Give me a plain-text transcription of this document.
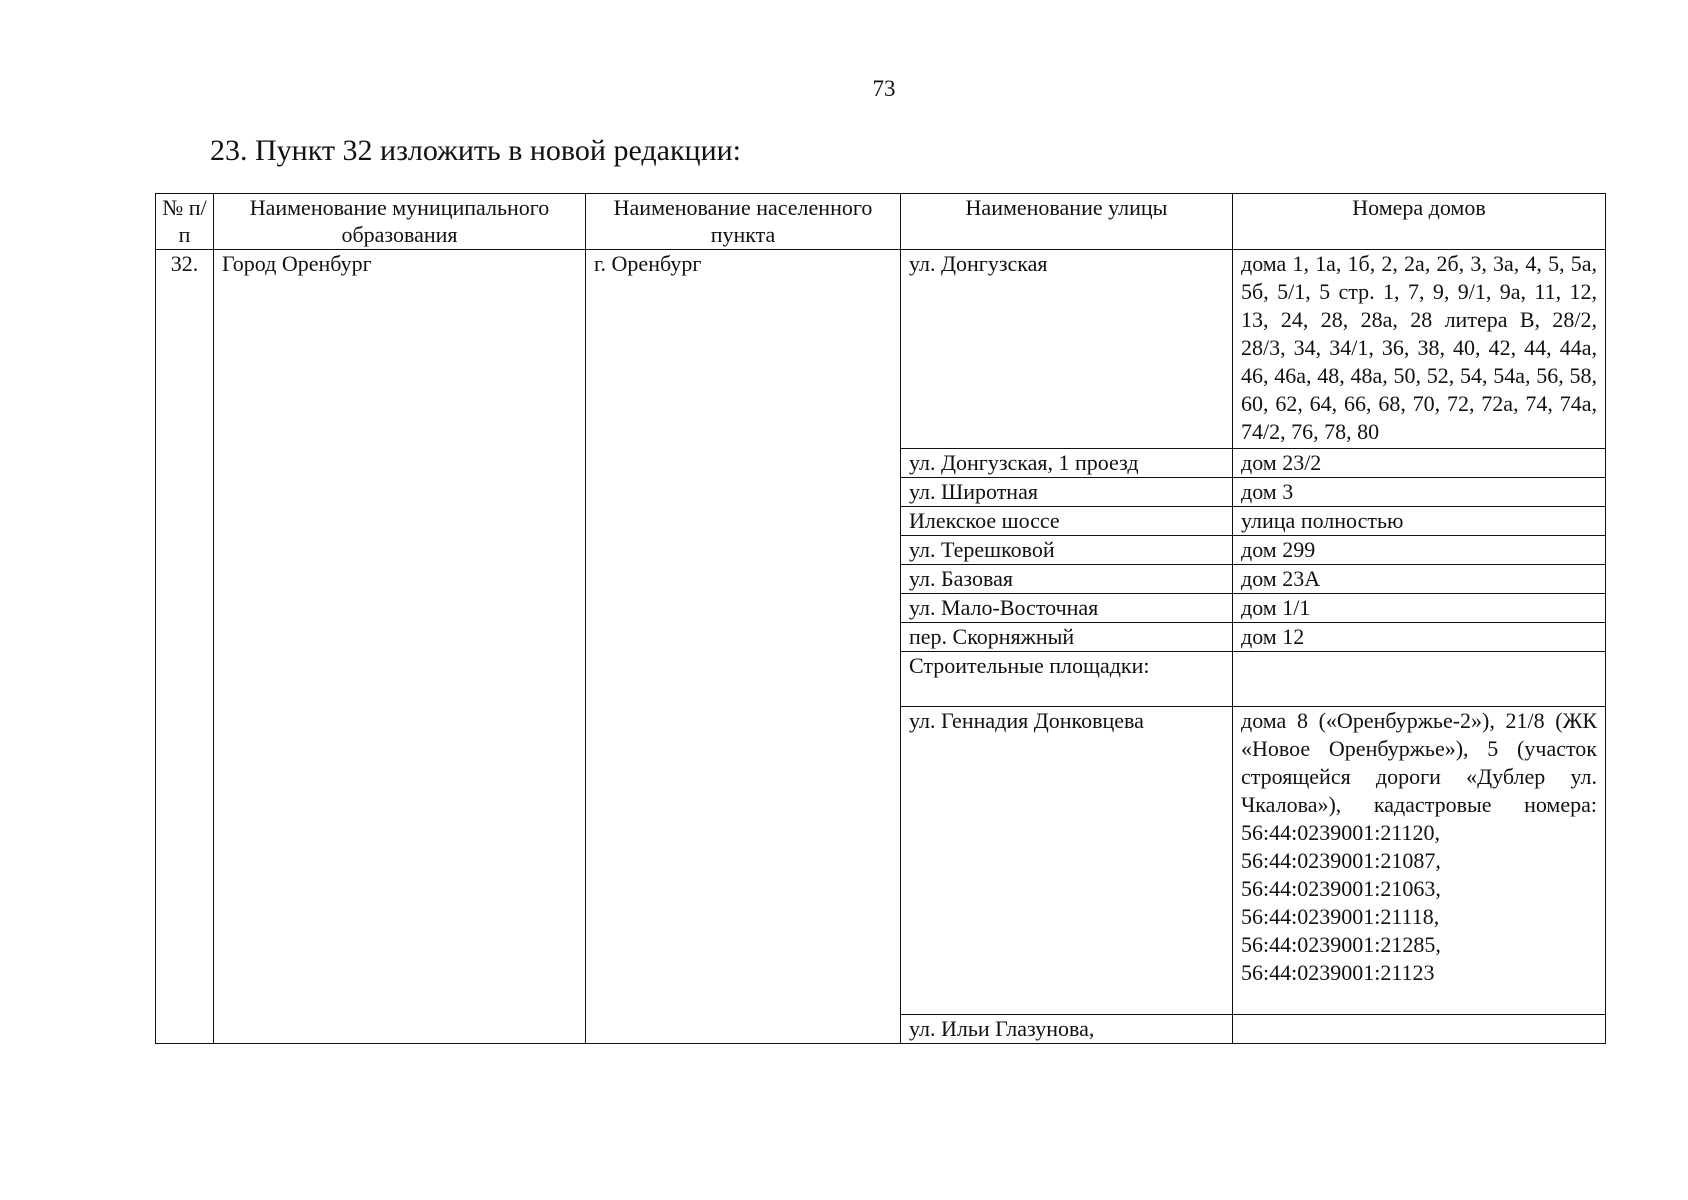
73
23. Пункт 32 изложить в новой редакции:
№ п/п	Наименование муниципального образования	Наименование населенного пункта	Наименование улицы	Номера домов
32.	Город Оренбург	г. Оренбург	ул. Донгузская	дома 1, 1а, 1б, 2, 2а, 2б, 3, 3а, 4, 5, 5а, 5б, 5/1, 5 стр. 1, 7, 9, 9/1, 9а, 11, 12, 13, 24, 28, 28а, 28 литера В, 28/2, 28/3, 34, 34/1, 36, 38, 40, 42, 44, 44а, 46, 46а, 48, 48а, 50, 52, 54, 54а, 56, 58, 60, 62, 64, 66, 68, 70, 72, 72а, 74, 74а, 74/2, 76, 78, 80
			ул. Донгузская, 1 проезд	дом 23/2
			ул. Широтная	дом 3
			Илекское шоссе	улица полностью
			ул. Терешковой	дом 299
			ул. Базовая	дом 23А
			ул. Мало-Восточная	дом 1/1
			пер. Скорняжный	дом 12
			Строительные площадки:	
			ул. Геннадия Донковцева	дома 8 («Оренбуржье-2»), 21/8 (ЖК «Новое Оренбуржье»), 5 (участок строящейся дороги «Дублер ул. Чкалова»), кадастровые номера: 56:44:0239001:21120, 56:44:0239001:21087, 56:44:0239001:21063, 56:44:0239001:21118, 56:44:0239001:21285, 56:44:0239001:21123
			ул. Ильи Глазунова,	
